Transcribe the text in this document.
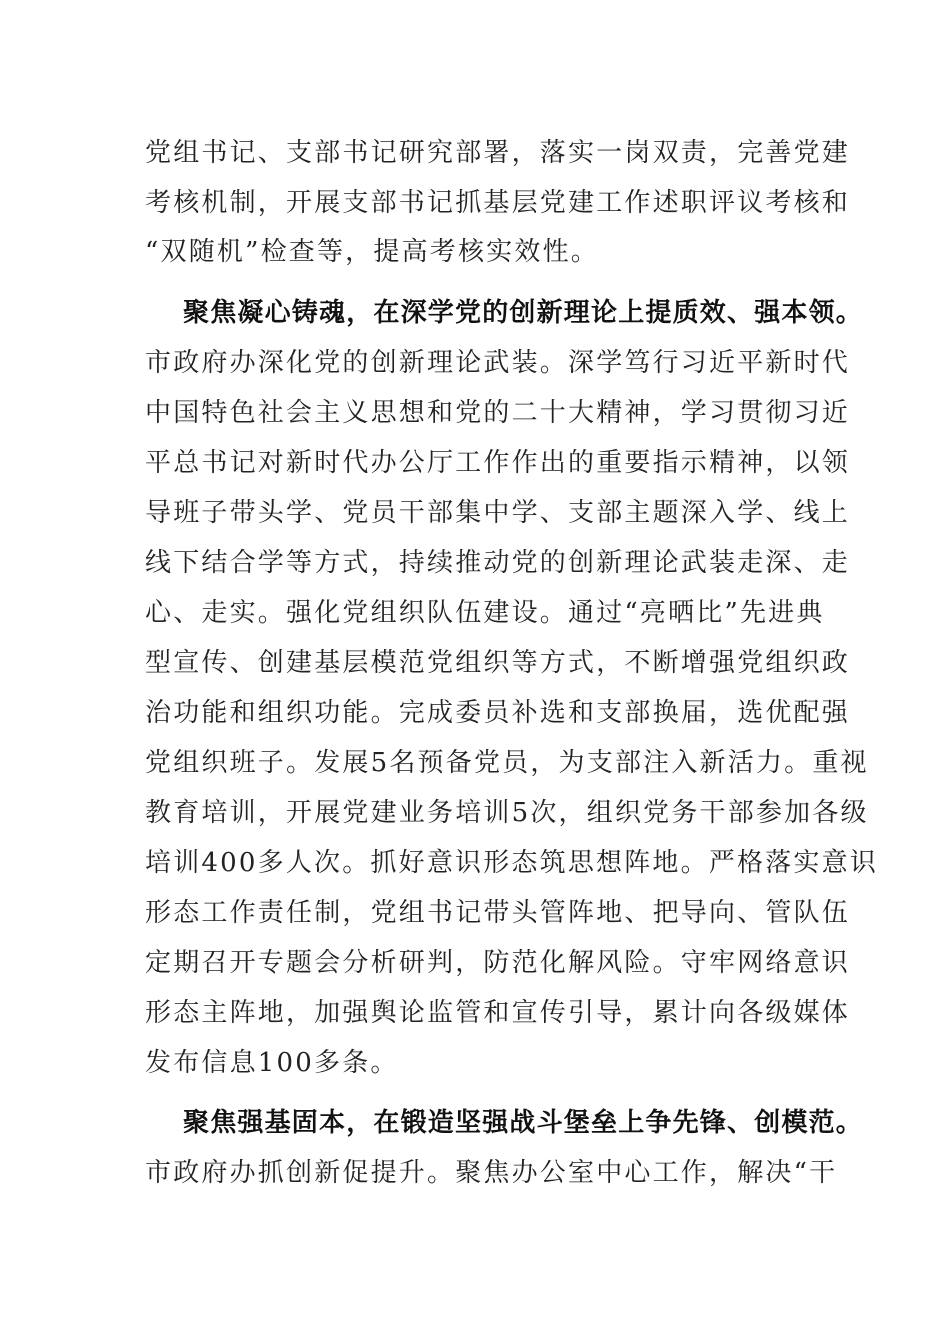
党组书记、支部书记研究部署，落实一岗双责，完善党建
考核机制，开展支部书记抓基层党建工作述职评议考核和
“双随机”检查等，提高考核实效性。
聚焦凝心铸魂，在深学党的创新理论上提质效、强本领。
市政府办深化党的创新理论武装。深学笃行习近平新时代
中国特色社会主义思想和党的二十大精神，学习贯彻习近
平总书记对新时代办公厅工作作出的重要指示精神，以领
导班子带头学、党员干部集中学、支部主题深入学、线上
线下结合学等方式，持续推动党的创新理论武装走深、走
心、走实。强化党组织队伍建设。通过“亮晒比”先进典
型宣传、创建基层模范党组织等方式，不断增强党组织政
治功能和组织功能。完成委员补选和支部换届，选优配强
党组织班子。发展5名预备党员，为支部注入新活力。重视
教育培训，开展党建业务培训5次，组织党务干部参加各级
培训400多人次。抓好意识形态筑思想阵地。严格落实意识
形态工作责任制，党组书记带头管阵地、把导向、管队伍
定期召开专题会分析研判，防范化解风险。守牢网络意识
形态主阵地，加强舆论监管和宣传引导，累计向各级媒体
发布信息100多条。
聚焦强基固本，在锻造坚强战斗堡垒上争先锋、创模范。
市政府办抓创新促提升。聚焦办公室中心工作，解决“干
